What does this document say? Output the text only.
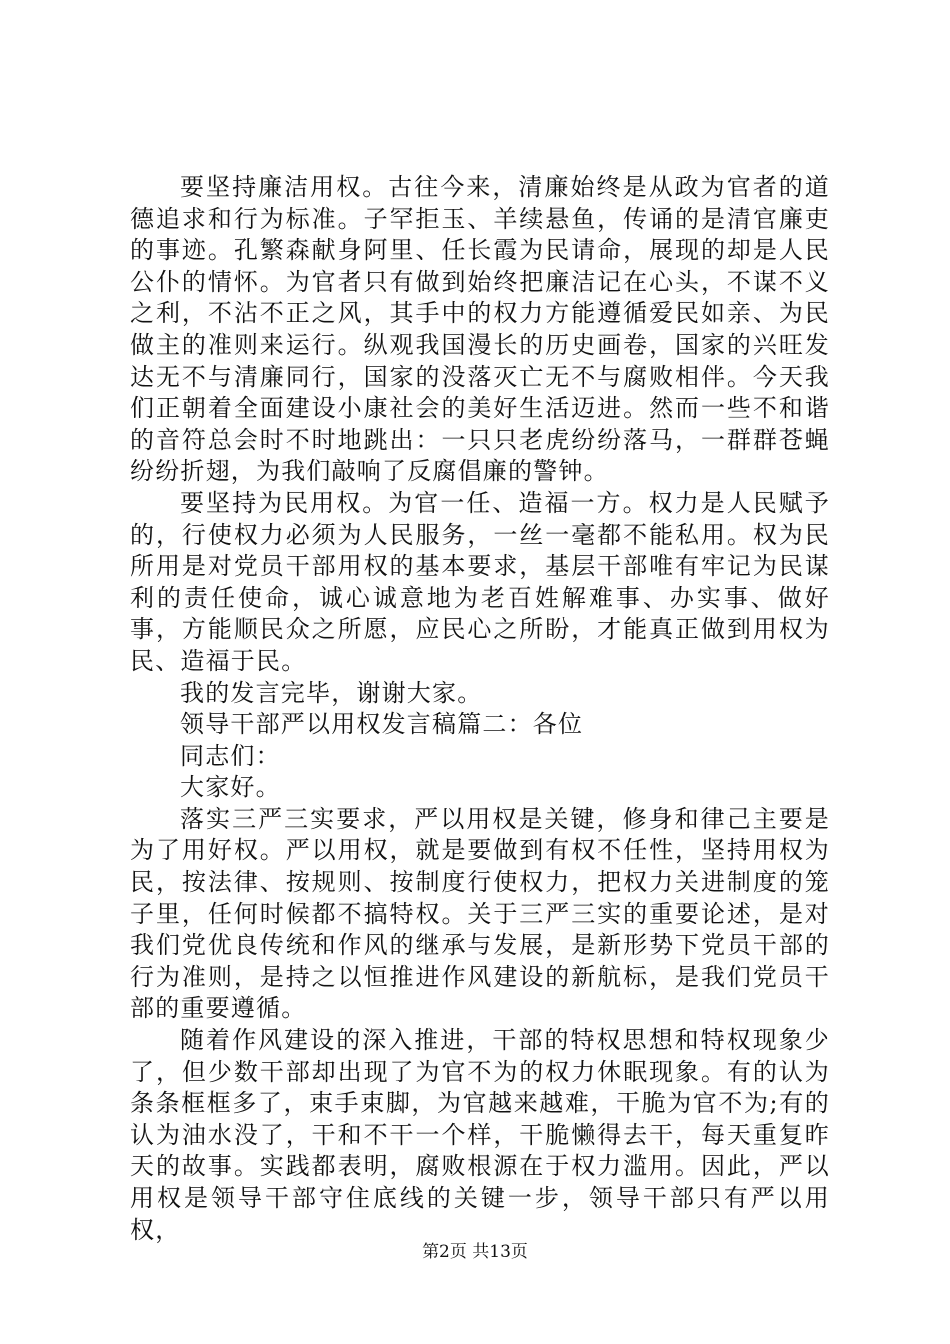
要坚持廉洁用权。古往今来，清廉始终是从政为官者的道德追求和行为标准。子罕拒玉、羊续悬鱼，传诵的是清官廉吏的事迹。孔繁森献身阿里、任长霞为民请命，展现的却是人民公仆的情怀。为官者只有做到始终把廉洁记在心头，不谋不义之利，不沾不正之风，其手中的权力方能遵循爱民如亲、为民做主的准则来运行。纵观我国漫长的历史画卷，国家的兴旺发达无不与清廉同行，国家的没落灭亡无不与腐败相伴。今天我们正朝着全面建设小康社会的美好生活迈进。然而一些不和谐的音符总会时不时地跳出：一只只老虎纷纷落马，一群群苍蝇纷纷折翅，为我们敲响了反腐倡廉的警钟。

要坚持为民用权。为官一任、造福一方。权力是人民赋予的，行使权力必须为人民服务，一丝一毫都不能私用。权为民所用是对党员干部用权的基本要求，基层干部唯有牢记为民谋利的责任使命，诚心诚意地为老百姓解难事、办实事、做好事，方能顺民众之所愿，应民心之所盼，才能真正做到用权为民、造福于民。

我的发言完毕，谢谢大家。

领导干部严以用权发言稿篇二：各位

同志们：

大家好。

落实三严三实要求，严以用权是关键，修身和律己主要是为了用好权。严以用权，就是要做到有权不任性，坚持用权为民，按法律、按规则、按制度行使权力，把权力关进制度的笼子里，任何时候都不搞特权。关于三严三实的重要论述，是对我们党优良传统和作风的继承与发展，是新形势下党员干部的行为准则，是持之以恒推进作风建设的新航标，是我们党员干部的重要遵循。

随着作风建设的深入推进，干部的特权思想和特权现象少了，但少数干部却出现了为官不为的权力休眠现象。有的认为条条框框多了，束手束脚，为官越来越难，干脆为官不为;有的认为油水没了，干和不干一个样，干脆懒得去干，每天重复昨天的故事。实践都表明，腐败根源在于权力滥用。因此，严以用权是领导干部守住底线的关键一步，领导干部只有严以用权，

第2页 共13页
